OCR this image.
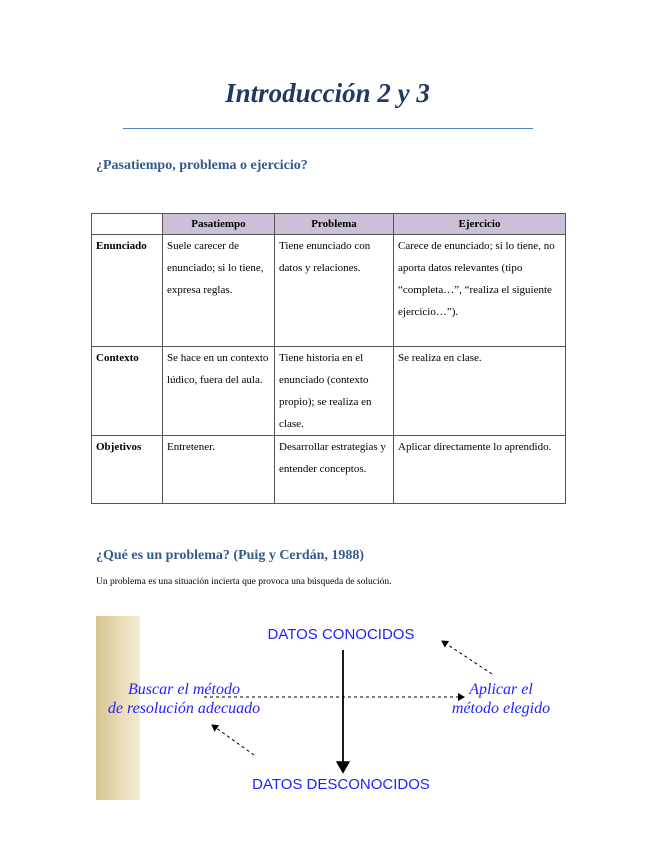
Introducción 2 y 3
¿Pasatiempo, problema o ejercicio?
	Pasatiempo	Problema	Ejercicio
Enunciado	Suele carecer de enunciado; si lo tiene, expresa reglas.	Tiene enunciado con datos y relaciones.	Carece de enunciado; si lo tiene, no aporta datos relevantes (tipo “completa…”, “realiza el siguiente ejercicio…”).
Contexto	Se hace en un contexto lúdico, fuera del aula.	Tiene historia en el enunciado (contexto propio); se realiza en clase.	Se realiza en clase.
Objetivos	Entretener.	Desarrollar estrategias y entender conceptos.	Aplicar directamente lo aprendido.
¿Qué es un problema? (Puig y Cerdán, 1988)
Un problema es una situación incierta que provoca una búsqueda de solución.
DATOS CONOCIDOS
DATOS DESCONOCIDOS
Buscar el método
de resolución adecuado
Aplicar el
método elegido
